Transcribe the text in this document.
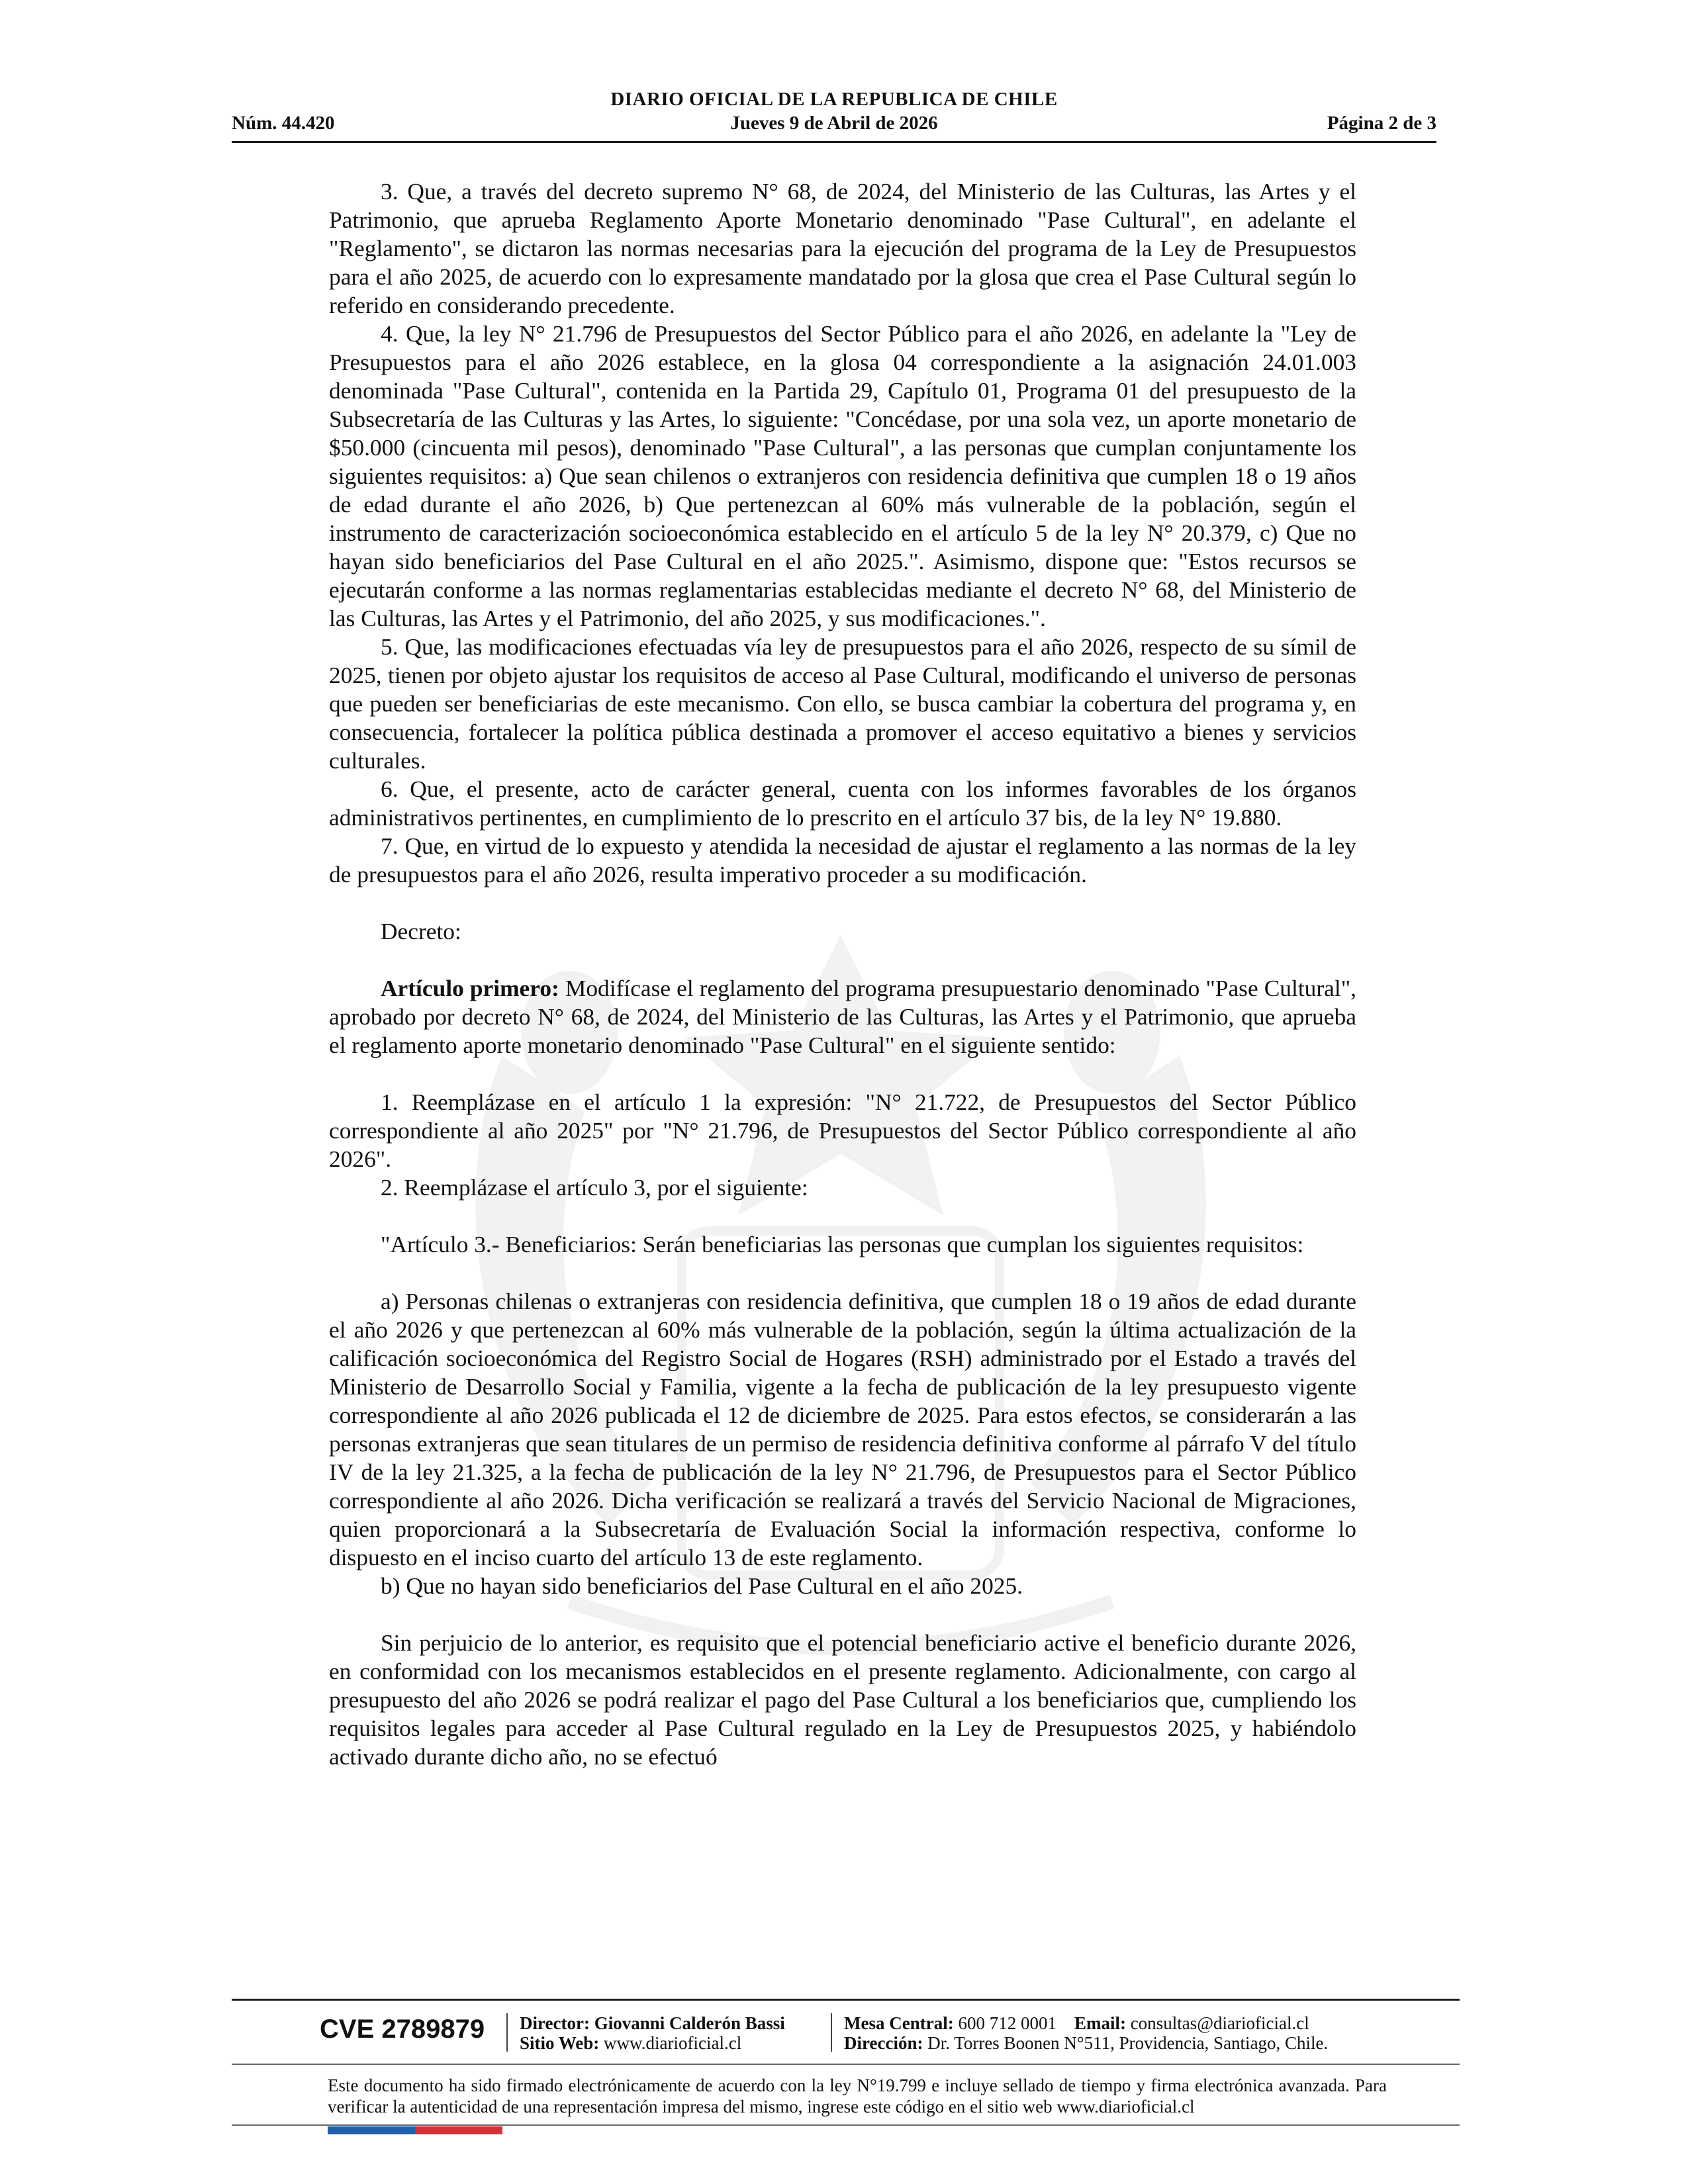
DIARIO OFICIAL DE LA REPUBLICA DE CHILE
Jueves 9 de Abril de 2026
Núm. 44.420	Página 2 de 3

3. Que, a través del decreto supremo N° 68, de 2024, del Ministerio de las Culturas, las Artes y el Patrimonio, que aprueba Reglamento Aporte Monetario denominado "Pase Cultural", en adelante el "Reglamento", se dictaron las normas necesarias para la ejecución del programa de la Ley de Presupuestos para el año 2025, de acuerdo con lo expresamente mandatado por la glosa que crea el Pase Cultural según lo referido en considerando precedente.

4. Que, la ley N° 21.796 de Presupuestos del Sector Público para el año 2026, en adelante la "Ley de Presupuestos para el año 2026 establece, en la glosa 04 correspondiente a la asignación 24.01.003 denominada "Pase Cultural", contenida en la Partida 29, Capítulo 01, Programa 01 del presupuesto de la Subsecretaría de las Culturas y las Artes, lo siguiente: "Concédase, por una sola vez, un aporte monetario de $50.000 (cincuenta mil pesos), denominado "Pase Cultural", a las personas que cumplan conjuntamente los siguientes requisitos: a) Que sean chilenos o extranjeros con residencia definitiva que cumplen 18 o 19 años de edad durante el año 2026, b) Que pertenezcan al 60% más vulnerable de la población, según el instrumento de caracterización socioeconómica establecido en el artículo 5 de la ley N° 20.379, c) Que no hayan sido beneficiarios del Pase Cultural en el año 2025.". Asimismo, dispone que: "Estos recursos se ejecutarán conforme a las normas reglamentarias establecidas mediante el decreto N° 68, del Ministerio de las Culturas, las Artes y el Patrimonio, del año 2025, y sus modificaciones.".

5. Que, las modificaciones efectuadas vía ley de presupuestos para el año 2026, respecto de su símil de 2025, tienen por objeto ajustar los requisitos de acceso al Pase Cultural, modificando el universo de personas que pueden ser beneficiarias de este mecanismo. Con ello, se busca cambiar la cobertura del programa y, en consecuencia, fortalecer la política pública destinada a promover el acceso equitativo a bienes y servicios culturales.

6. Que, el presente, acto de carácter general, cuenta con los informes favorables de los órganos administrativos pertinentes, en cumplimiento de lo prescrito en el artículo 37 bis, de la ley N° 19.880.

7. Que, en virtud de lo expuesto y atendida la necesidad de ajustar el reglamento a las normas de la ley de presupuestos para el año 2026, resulta imperativo proceder a su modificación.

Decreto:

Artículo primero: Modifícase el reglamento del programa presupuestario denominado "Pase Cultural", aprobado por decreto N° 68, de 2024, del Ministerio de las Culturas, las Artes y el Patrimonio, que aprueba el reglamento aporte monetario denominado "Pase Cultural" en el siguiente sentido:

1. Reemplázase en el artículo 1 la expresión: "N° 21.722, de Presupuestos del Sector Público correspondiente al año 2025" por "N° 21.796, de Presupuestos del Sector Público correspondiente al año 2026".

2. Reemplázase el artículo 3, por el siguiente:

"Artículo 3.- Beneficiarios: Serán beneficiarias las personas que cumplan los siguientes requisitos:

a) Personas chilenas o extranjeras con residencia definitiva, que cumplen 18 o 19 años de edad durante el año 2026 y que pertenezcan al 60% más vulnerable de la población, según la última actualización de la calificación socioeconómica del Registro Social de Hogares (RSH) administrado por el Estado a través del Ministerio de Desarrollo Social y Familia, vigente a la fecha de publicación de la ley presupuesto vigente correspondiente al año 2026 publicada el 12 de diciembre de 2025. Para estos efectos, se considerarán a las personas extranjeras que sean titulares de un permiso de residencia definitiva conforme al párrafo V del título IV de la ley 21.325, a la fecha de publicación de la ley N° 21.796, de Presupuestos para el Sector Público correspondiente al año 2026. Dicha verificación se realizará a través del Servicio Nacional de Migraciones, quien proporcionará a la Subsecretaría de Evaluación Social la información respectiva, conforme lo dispuesto en el inciso cuarto del artículo 13 de este reglamento.

b) Que no hayan sido beneficiarios del Pase Cultural en el año 2025.

Sin perjuicio de lo anterior, es requisito que el potencial beneficiario active el beneficio durante 2026, en conformidad con los mecanismos establecidos en el presente reglamento. Adicionalmente, con cargo al presupuesto del año 2026 se podrá realizar el pago del Pase Cultural a los beneficiarios que, cumpliendo los requisitos legales para acceder al Pase Cultural regulado en la Ley de Presupuestos 2025, y habiéndolo activado durante dicho año, no se efectuó

CVE 2789879 Director: Giovanni Calderón Bassi
Sitio Web: www.diarioficial.cl
Mesa Central: 600 712 0001 Email: consultas@diarioficial.cl
Dirección: Dr. Torres Boonen N°511, Providencia, Santiago, Chile.
Este documento ha sido firmado electrónicamente de acuerdo con la ley N°19.799 e incluye sellado de tiempo y firma electrónica avanzada. Para verificar la autenticidad de una representación impresa del mismo, ingrese este código en el sitio web www.diarioficial.cl
